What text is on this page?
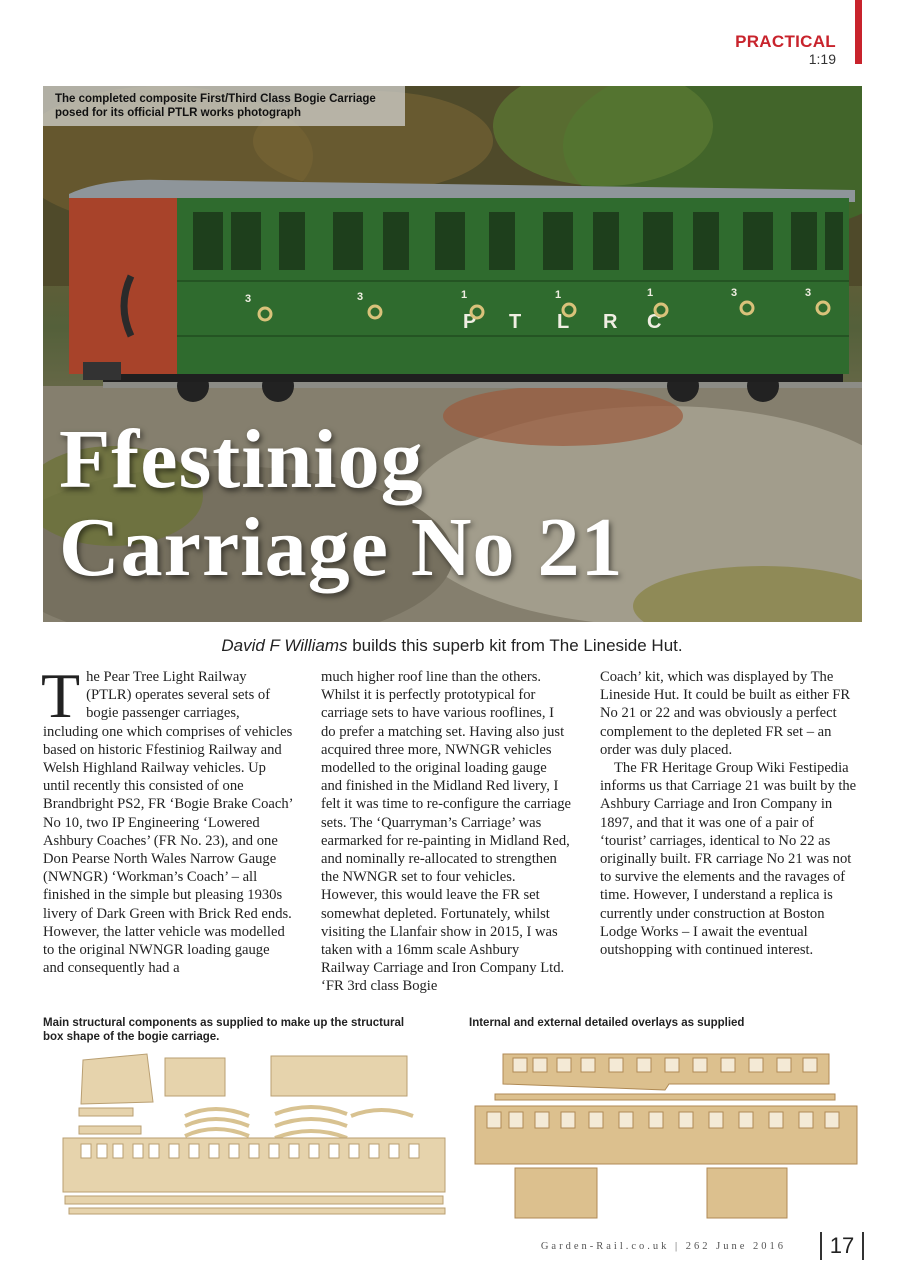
PRACTICAL
1:19
P T L R C
3	3	1	1	1	3	3
The completed composite First/Third Class Bogie Carriage posed for its official PTLR works photograph
Ffestiniog
Carriage No 21

David F Williams builds this superb kit from The Lineside Hut.

The Pear Tree Light Railway (PTLR) operates several sets of bogie passenger carriages, including one which comprises of vehicles based on historic Ffestiniog Railway and Welsh Highland Railway vehicles. Up until recently this consisted of one Brandbright PS2, FR ‘Bogie Brake Coach’ No 10, two IP Engineering ‘Lowered Ashbury Coaches’ (FR No. 23), and one Don Pearse North Wales Narrow Gauge (NWNGR) ‘Workman’s Coach’ – all finished in the simple but pleasing 1930s livery of Dark Green with Brick Red ends. However, the latter vehicle was modelled to the original NWNGR loading gauge and consequently had a

much higher roof line than the others. Whilst it is perfectly prototypical for carriage sets to have various rooflines, I do prefer a matching set. Having also just acquired three more, NWNGR vehicles modelled to the original loading gauge and finished in the Midland Red livery, I felt it was time to re-configure the carriage sets. The ‘Quarryman’s Carriage’ was earmarked for re-painting in Midland Red, and nominally re-allocated to strengthen the NWNGR set to four vehicles. However, this would leave the FR set somewhat depleted. Fortunately, whilst visiting the Llanfair show in 2015, I was taken with a 16mm scale Ashbury Railway Carriage and Iron Company Ltd. ‘FR 3rd class Bogie

Coach’ kit, which was displayed by The Lineside Hut. It could be built as either FR No 21 or 22 and was obviously a perfect complement to the depleted FR set – an order was duly placed.

The FR Heritage Group Wiki Festipedia informs us that Carriage 21 was built by the Ashbury Carriage and Iron Company in 1897, and that it was one of a pair of ‘tourist’ carriages, identical to No 22 as originally built. FR carriage No 21 was not to survive the elements and the ravages of time. However, I understand a replica is currently under construction at Boston Lodge Works – I await the eventual outshopping with continued interest.

Main structural components as supplied to make up the structural box shape of the bogie carriage.

Internal and external detailed overlays as supplied

Garden-Rail.co.uk | 262 June 2016	17
